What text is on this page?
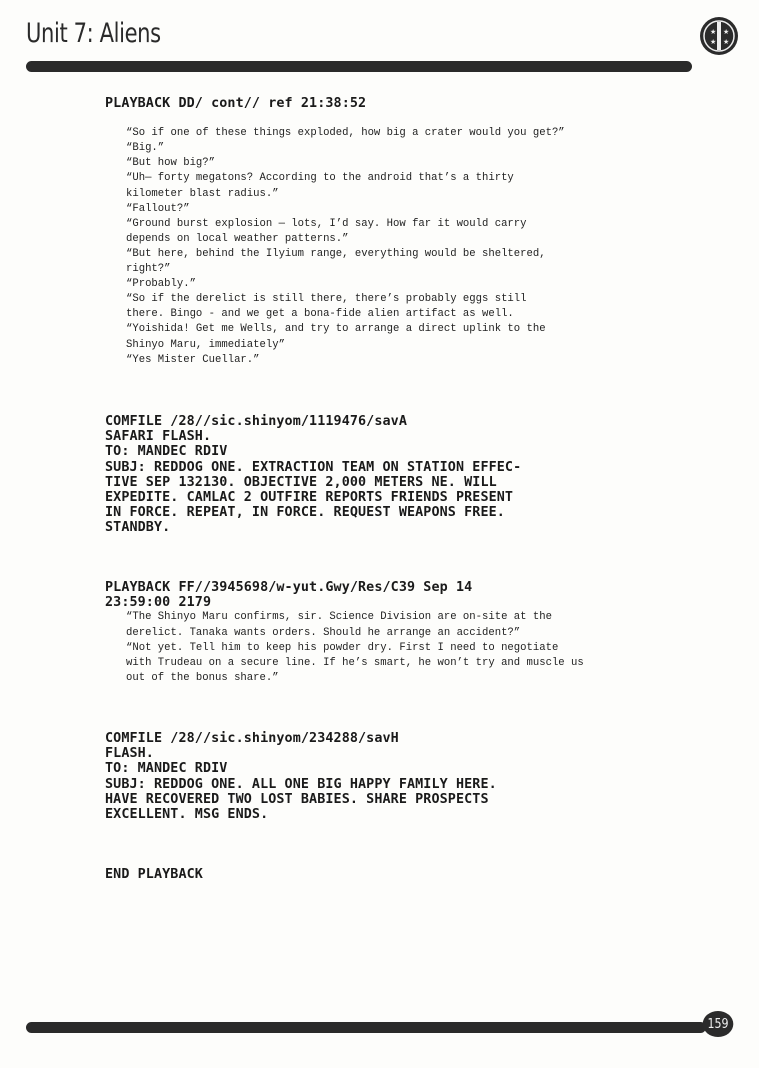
Unit 7: Aliens	★ ★
★ ★
PLAYBACK DD/ cont// ref 21:38:52
“So if one of these things exploded, how big a crater would you get?”
“Big.”
“But how big?”
“Uh— forty megatons? According to the android that’s a thirty
kilometer blast radius.”
“Fallout?”
“Ground burst explosion — lots, I’d say. How far it would carry
depends on local weather patterns.”
“But here, behind the Ilyium range, everything would be sheltered,
right?”
“Probably.”
“So if the derelict is still there, there’s probably eggs still
there. Bingo - and we get a bona-fide alien artifact as well.
“Yoishida! Get me Wells, and try to arrange a direct uplink to the
Shinyo Maru, immediately”
“Yes Mister Cuellar.”
COMFILE /28//sic.shinyom/1119476/savA
SAFARI FLASH.
TO: MANDEC RDIV
SUBJ: REDDOG ONE. EXTRACTION TEAM ON STATION EFFEC-
TIVE SEP 132130. OBJECTIVE 2,000 METERS NE. WILL
EXPEDITE. CAMLAC 2 OUTFIRE REPORTS FRIENDS PRESENT
IN FORCE. REPEAT, IN FORCE. REQUEST WEAPONS FREE.
STANDBY.
PLAYBACK FF//3945698/w-yut.Gwy/Res/C39 Sep 14
23:59:00 2179
“The Shinyo Maru confirms, sir. Science Division are on-site at the
derelict. Tanaka wants orders. Should he arrange an accident?”
“Not yet. Tell him to keep his powder dry. First I need to negotiate
with Trudeau on a secure line. If he’s smart, he won’t try and muscle us
out of the bonus share.”
COMFILE /28//sic.shinyom/234288/savH
FLASH.
TO: MANDEC RDIV
SUBJ: REDDOG ONE. ALL ONE BIG HAPPY FAMILY HERE.
HAVE RECOVERED TWO LOST BABIES. SHARE PROSPECTS
EXCELLENT. MSG ENDS.
END PLAYBACK
159
